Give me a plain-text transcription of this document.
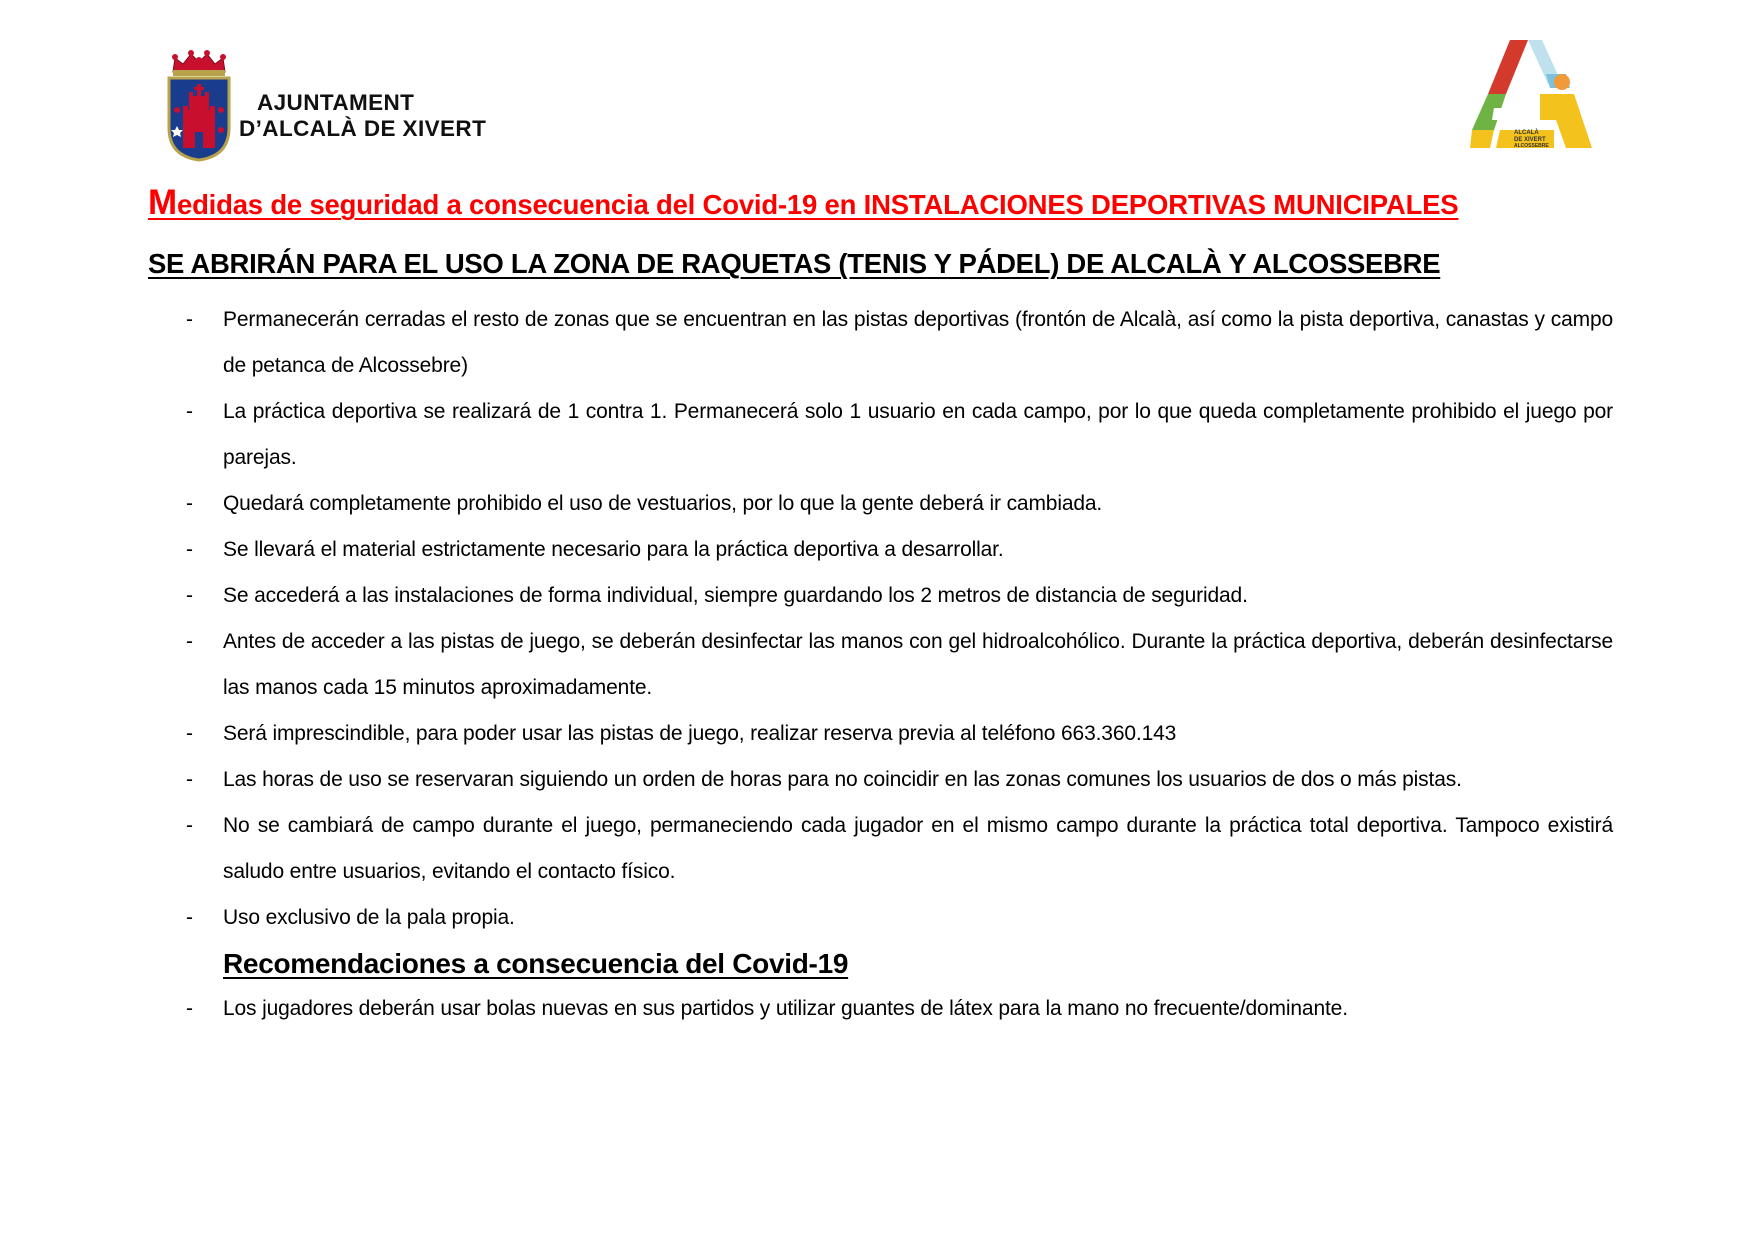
AJUNTAMENT
D’ALCALÀ DE XIVERT	ALCALÀ
DE XIVERT
ALCOSSEBRE
Medidas de seguridad a consecuencia del Covid-19 en INSTALACIONES DEPORTIVAS MUNICIPALES
SE ABRIRÁN PARA EL USO LA ZONA DE RAQUETAS (TENIS Y PÁDEL) DE ALCALÀ Y ALCOSSEBRE
- Permanecerán cerradas el resto de zonas que se encuentran en las pistas deportivas (frontón de Alcalà, así como la pista deportiva, canastas y campo de petanca de Alcossebre)
- La práctica deportiva se realizará de 1 contra 1. Permanecerá solo 1 usuario en cada campo, por lo que queda completamente prohibido el juego por parejas.
- Quedará completamente prohibido el uso de vestuarios, por lo que la gente deberá ir cambiada.
- Se llevará el material estrictamente necesario para la práctica deportiva a desarrollar.
- Se accederá a las instalaciones de forma individual, siempre guardando los 2 metros de distancia de seguridad.
- Antes de acceder a las pistas de juego, se deberán desinfectar las manos con gel hidroalcohólico. Durante la práctica deportiva, deberán desinfectarse las manos cada 15 minutos aproximadamente.
- Será imprescindible, para poder usar las pistas de juego, realizar reserva previa al teléfono 663.360.143
- Las horas de uso se reservaran siguiendo un orden de horas para no coincidir en las zonas comunes los usuarios de dos o más pistas.
- No se cambiará de campo durante el juego, permaneciendo cada jugador en el mismo campo durante la práctica total deportiva. Tampoco existirá saludo entre usuarios, evitando el contacto físico.
- Uso exclusivo de la pala propia.
Recomendaciones a consecuencia del Covid-19
- Los jugadores deberán usar bolas nuevas en sus partidos y utilizar guantes de látex para la mano no frecuente/dominante.
